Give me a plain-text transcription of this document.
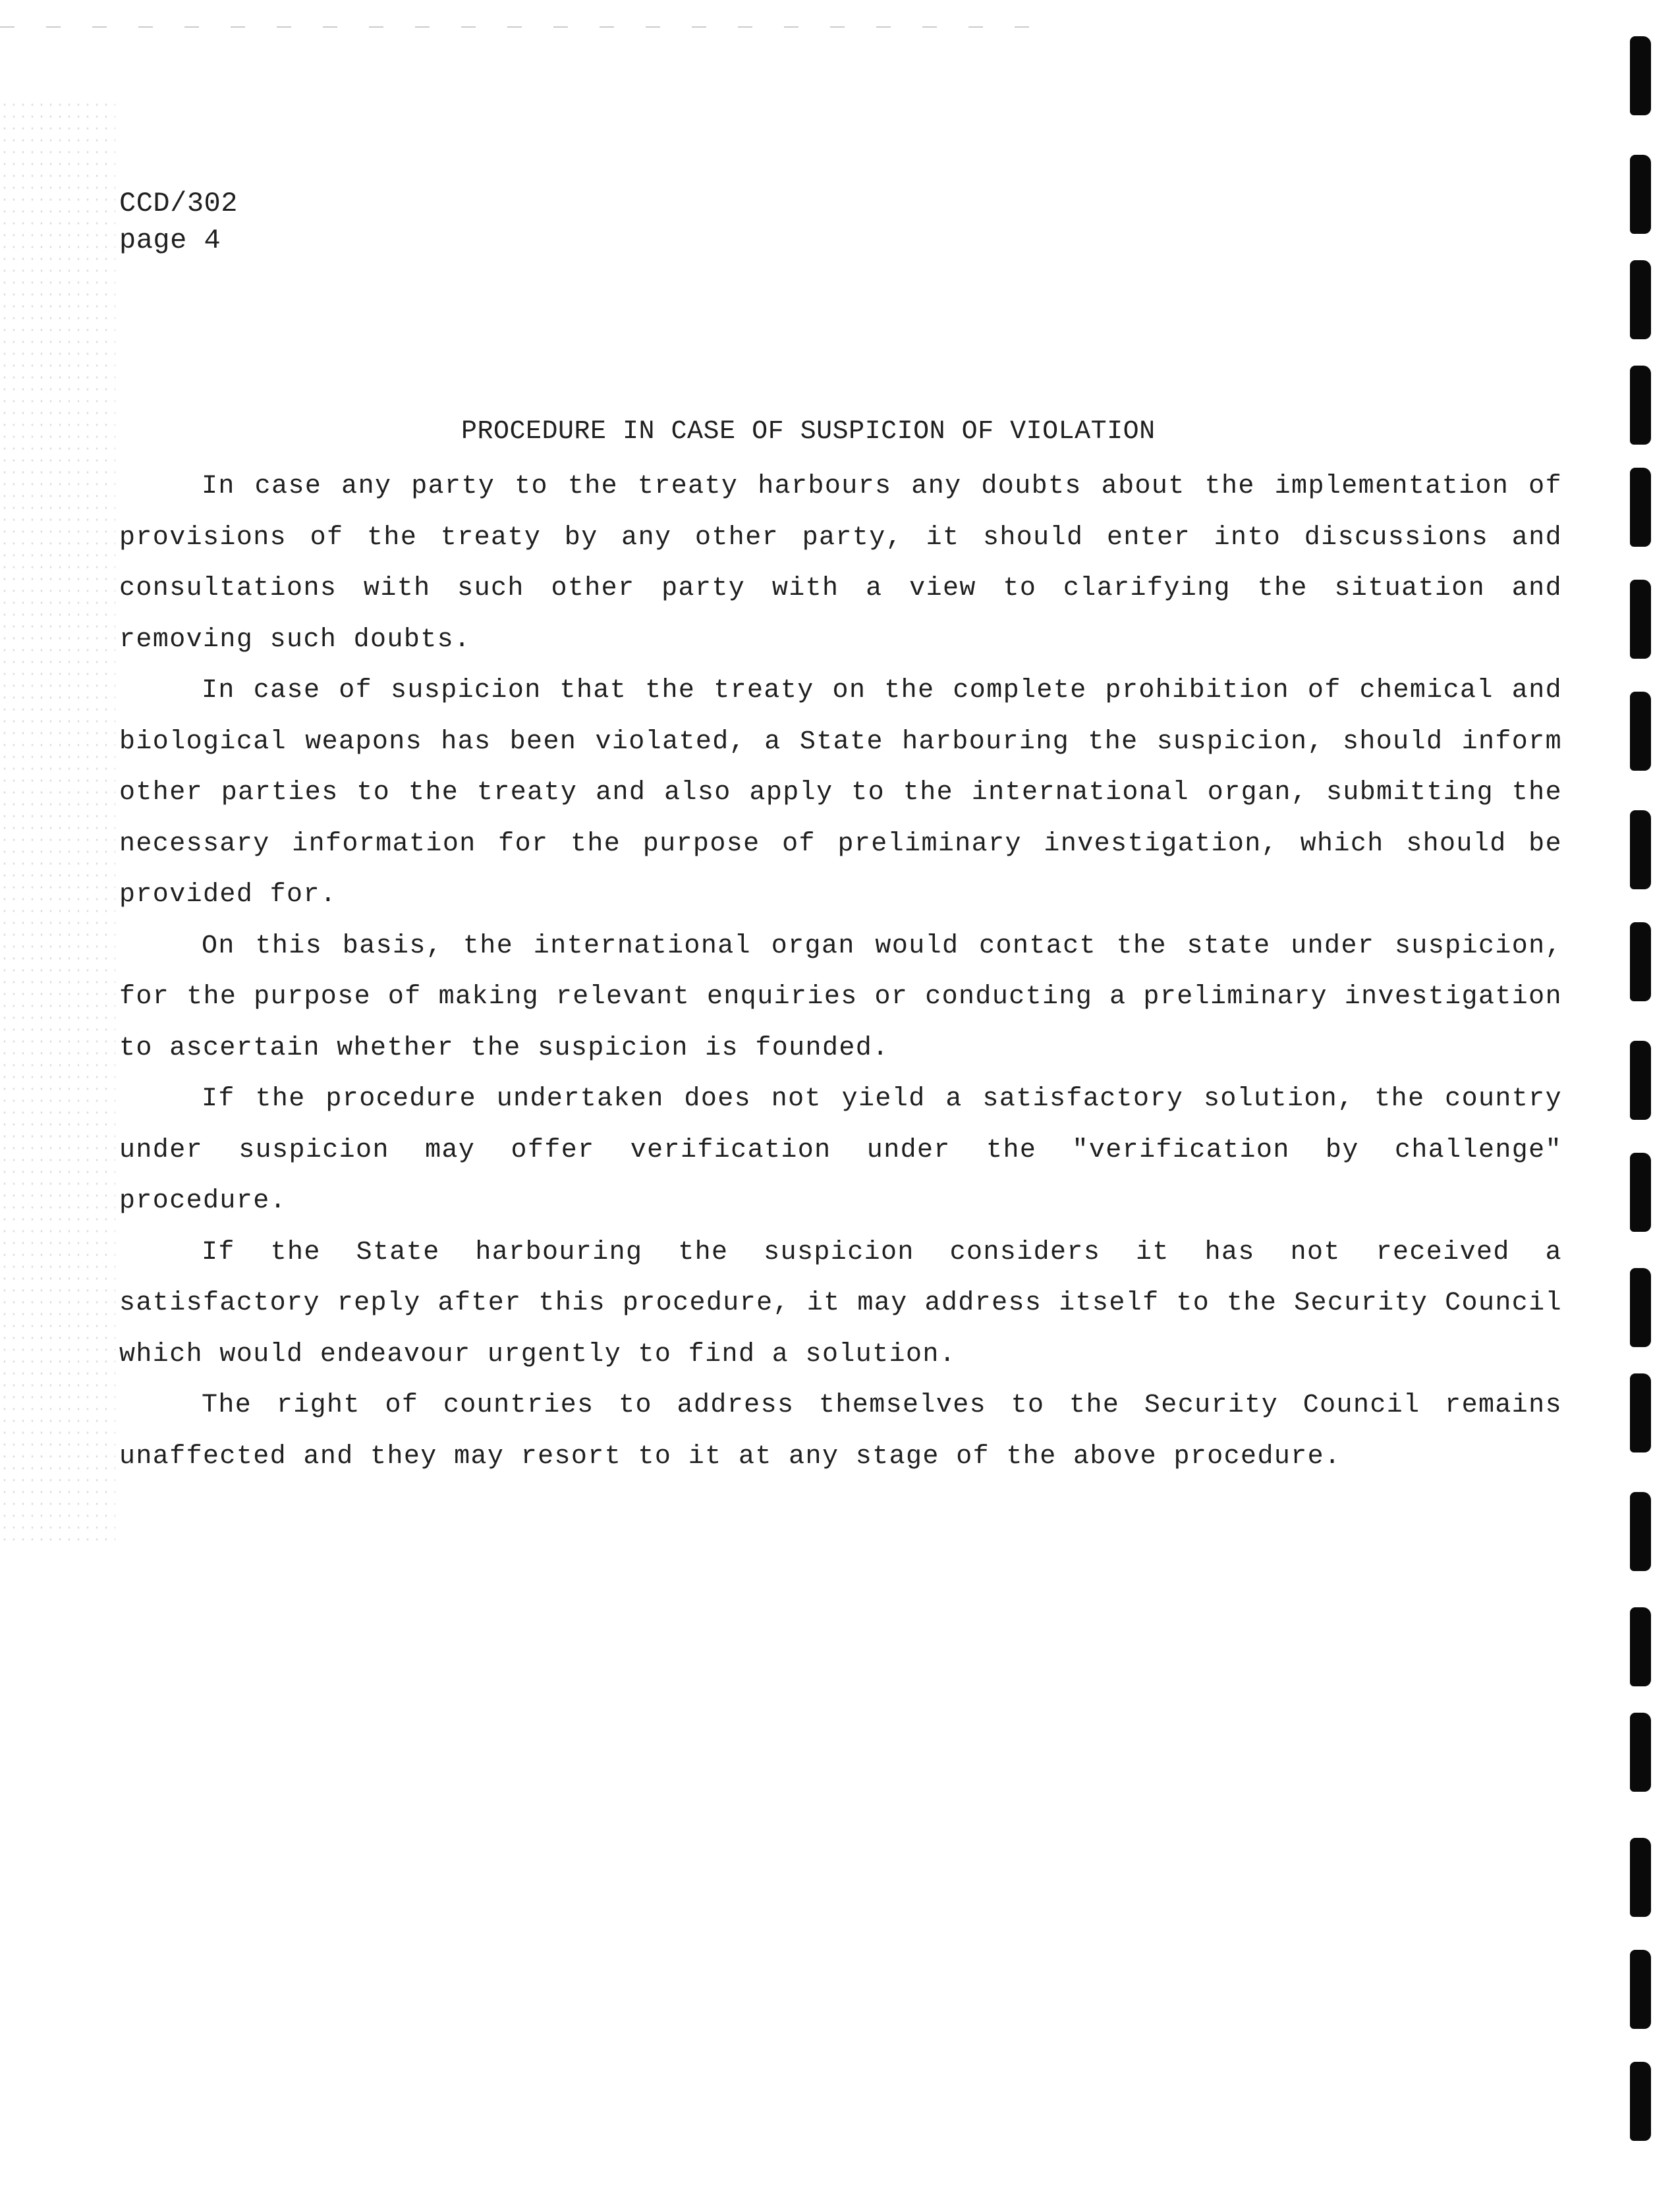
CCD/302
page 4
PROCEDURE IN CASE OF SUSPICION OF VIOLATION

In case any party to the treaty harbours any doubts about the implementation of provisions of the treaty by any other party, it should enter into discussions and consultations with such other party with a view to clarifying the situation and removing such doubts.

In case of suspicion that the treaty on the complete prohibition of chemical and biological weapons has been violated, a State harbouring the suspicion, should inform other parties to the treaty and also apply to the international organ, submitting the necessary information for the purpose of preliminary investigation, which should be provided for.

On this basis, the international organ would contact the state under suspicion, for the purpose of making relevant enquiries or conducting a preliminary investigation to ascertain whether the suspicion is founded.

If the procedure undertaken does not yield a satisfactory solution, the country under suspicion may offer verification under the "verification by challenge" procedure.

If the State harbouring the suspicion considers it has not received a satisfactory reply after this procedure, it may address itself to the Security Council which would endeavour urgently to find a solution.

The right of countries to address themselves to the Security Council remains unaffected and they may resort to it at any stage of the above procedure.
